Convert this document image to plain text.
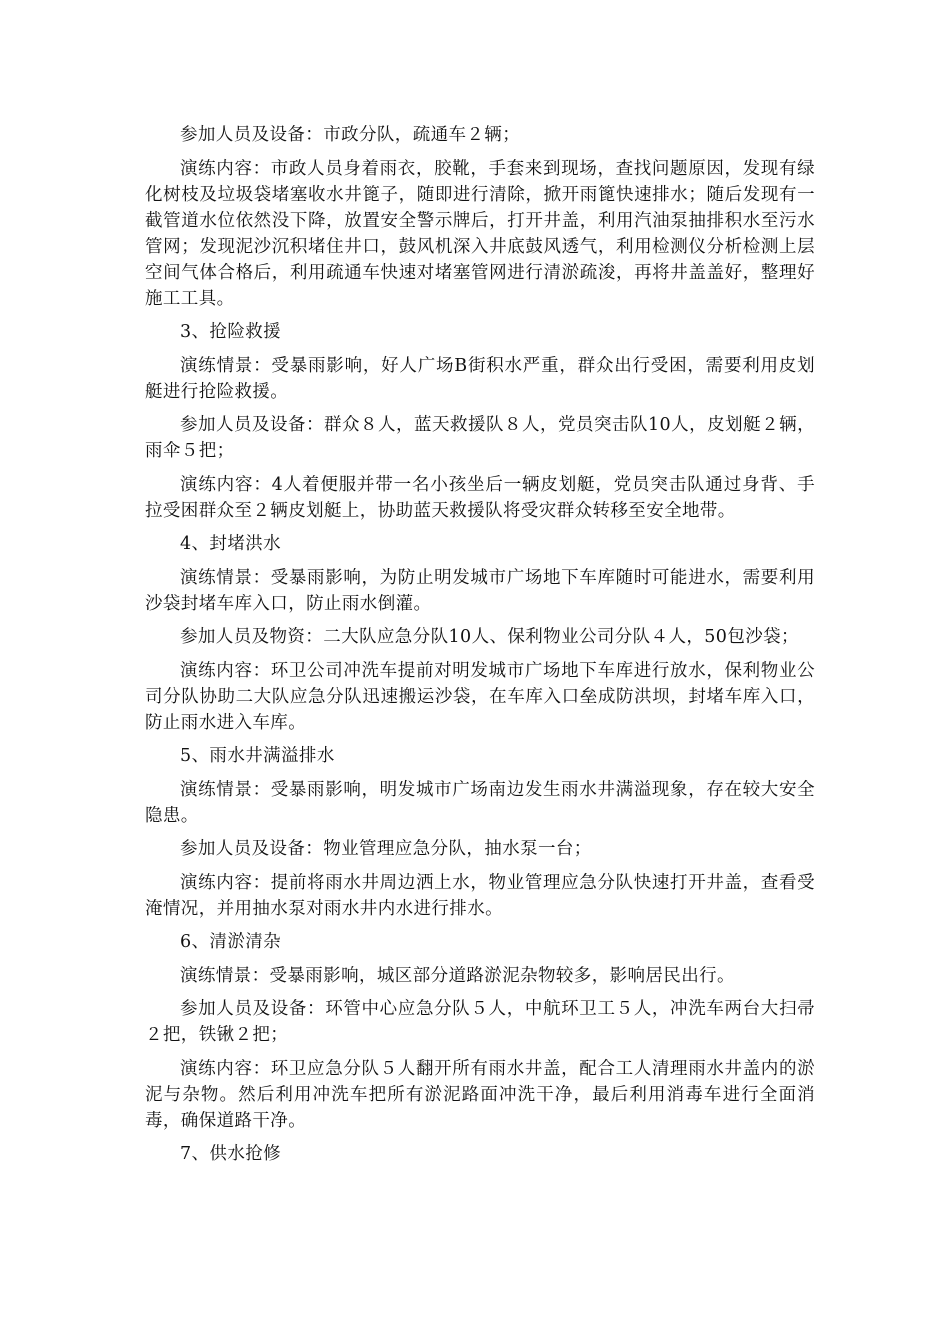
参加人员及设备：市政分队，疏通车２辆；

演练内容：市政人员身着雨衣，胶靴，手套来到现场，查找问题原因，发现有绿化树枝及垃圾袋堵塞收水井篦子，随即进行清除，掀开雨篦快速排水；随后发现有一截管道水位依然没下降，放置安全警示牌后，打开井盖，利用汽油泵抽排积水至污水管网；发现泥沙沉积堵住井口，鼓风机深入井底鼓风透气，利用检测仪分析检测上层空间气体合格后，利用疏通车快速对堵塞管网进行清淤疏浚，再将井盖盖好，整理好施工工具。

3、抢险救援

演练情景：受暴雨影响，好人广场B街积水严重，群众出行受困，需要利用皮划艇进行抢险救援。

参加人员及设备：群众８人，蓝天救援队８人，党员突击队10人，皮划艇２辆，雨伞５把；

演练内容：4人着便服并带一名小孩坐后一辆皮划艇，党员突击队通过身背、手拉受困群众至２辆皮划艇上，协助蓝天救援队将受灾群众转移至安全地带。

4、封堵洪水

演练情景：受暴雨影响，为防止明发城市广场地下车库随时可能进水，需要利用沙袋封堵车库入口，防止雨水倒灌。

参加人员及物资：二大队应急分队10人、保利物业公司分队４人，50包沙袋；

演练内容：环卫公司冲洗车提前对明发城市广场地下车库进行放水，保利物业公司分队协助二大队应急分队迅速搬运沙袋，在车库入口垒成防洪坝，封堵车库入口，防止雨水进入车库。

5、雨水井满溢排水

演练情景：受暴雨影响，明发城市广场南边发生雨水井满溢现象，存在较大安全隐患。

参加人员及设备：物业管理应急分队，抽水泵一台；

演练内容：提前将雨水井周边洒上水，物业管理应急分队快速打开井盖，查看受淹情况，并用抽水泵对雨水井内水进行排水。

6、清淤清杂

演练情景：受暴雨影响，城区部分道路淤泥杂物较多，影响居民出行。

参加人员及设备：环管中心应急分队５人，中航环卫工５人，冲洗车两台大扫帚２把，铁锹２把；

演练内容：环卫应急分队５人翻开所有雨水井盖，配合工人清理雨水井盖内的淤泥与杂物。然后利用冲洗车把所有淤泥路面冲洗干净，最后利用消毒车进行全面消毒，确保道路干净。

7、供水抢修
